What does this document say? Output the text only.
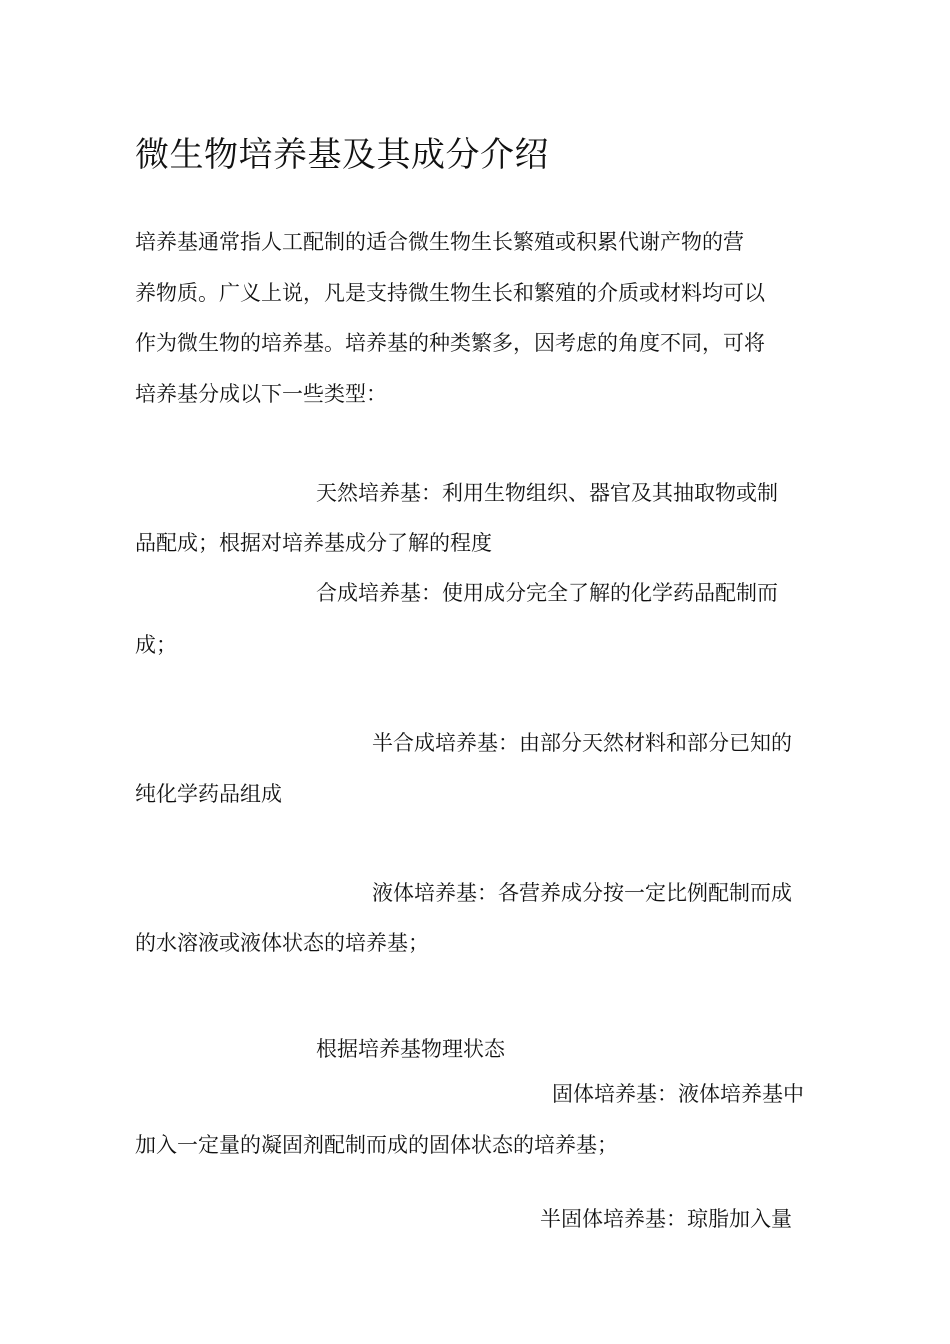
微生物培养基及其成分介绍
培养基通常指人工配制的适合微生物生长繁殖或积累代谢产物的营
养物质。广义上说，凡是支持微生物生长和繁殖的介质或材料均可以
作为微生物的培养基。培养基的种类繁多，因考虑的角度不同，可将
培养基分成以下一些类型：
天然培养基：利用生物组织、器官及其抽取物或制
品配成；根据对培养基成分了解的程度
合成培养基：使用成分完全了解的化学药品配制而
成；
半合成培养基：由部分天然材料和部分已知的
纯化学药品组成
液体培养基：各营养成分按一定比例配制而成
的水溶液或液体状态的培养基；
根据培养基物理状态
固体培养基：液体培养基中
加入一定量的凝固剂配制而成的固体状态的培养基；
半固体培养基：琼脂加入量
